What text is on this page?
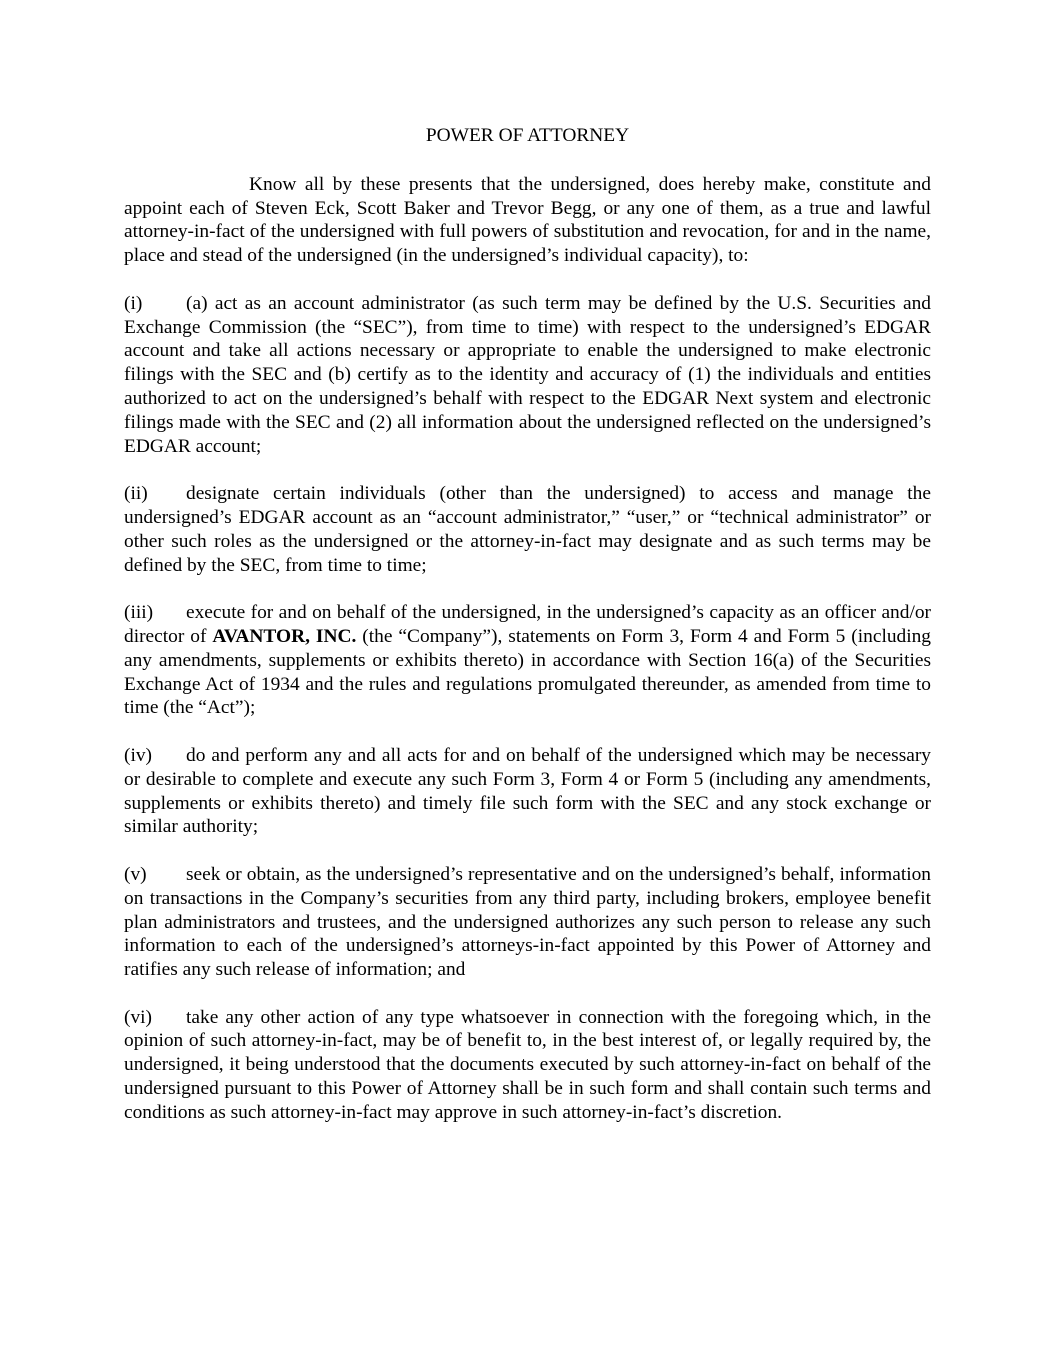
POWER OF ATTORNEY

Know all by these presents that the undersigned, does hereby make, constitute and appoint each of Steven Eck, Scott Baker and Trevor Begg, or any one of them, as a true and lawful attorney-in-fact of the undersigned with full powers of substitution and revocation, for and in the name, place and stead of the undersigned (in the undersigned’s individual capacity), to:

(i) (a) act as an account administrator (as such term may be defined by the U.S. Securities and Exchange Commission (the “SEC”), from time to time) with respect to the undersigned’s EDGAR account and take all actions necessary or appropriate to enable the undersigned to make electronic filings with the SEC and (b) certify as to the identity and accuracy of (1) the individuals and entities authorized to act on the undersigned’s behalf with respect to the EDGAR Next system and electronic filings made with the SEC and (2) all information about the undersigned reflected on the undersigned’s EDGAR account;

(ii) designate certain individuals (other than the undersigned) to access and manage the undersigned’s EDGAR account as an “account administrator,” “user,” or “technical administrator” or other such roles as the undersigned or the attorney-in-fact may designate and as such terms may be defined by the SEC, from time to time;

(iii) execute for and on behalf of the undersigned, in the undersigned’s capacity as an officer and/or director of AVANTOR, INC. (the “Company”), statements on Form 3, Form 4 and Form 5 (including any amendments, supplements or exhibits thereto) in accordance with Section 16(a) of the Securities Exchange Act of 1934 and the rules and regulations promulgated thereunder, as amended from time to time (the “Act”);

(iv) do and perform any and all acts for and on behalf of the undersigned which may be necessary or desirable to complete and execute any such Form 3, Form 4 or Form 5 (including any amendments, supplements or exhibits thereto) and timely file such form with the SEC and any stock exchange or similar authority;

(v) seek or obtain, as the undersigned’s representative and on the undersigned’s behalf, information on transactions in the Company’s securities from any third party, including brokers, employee benefit plan administrators and trustees, and the undersigned authorizes any such person to release any such information to each of the undersigned’s attorneys-in-fact appointed by this Power of Attorney and ratifies any such release of information; and

(vi) take any other action of any type whatsoever in connection with the foregoing which, in the opinion of such attorney-in-fact, may be of benefit to, in the best interest of, or legally required by, the undersigned, it being understood that the documents executed by such attorney-in-fact on behalf of the undersigned pursuant to this Power of Attorney shall be in such form and shall contain such terms and conditions as such attorney-in-fact may approve in such attorney-in-fact’s discretion.
